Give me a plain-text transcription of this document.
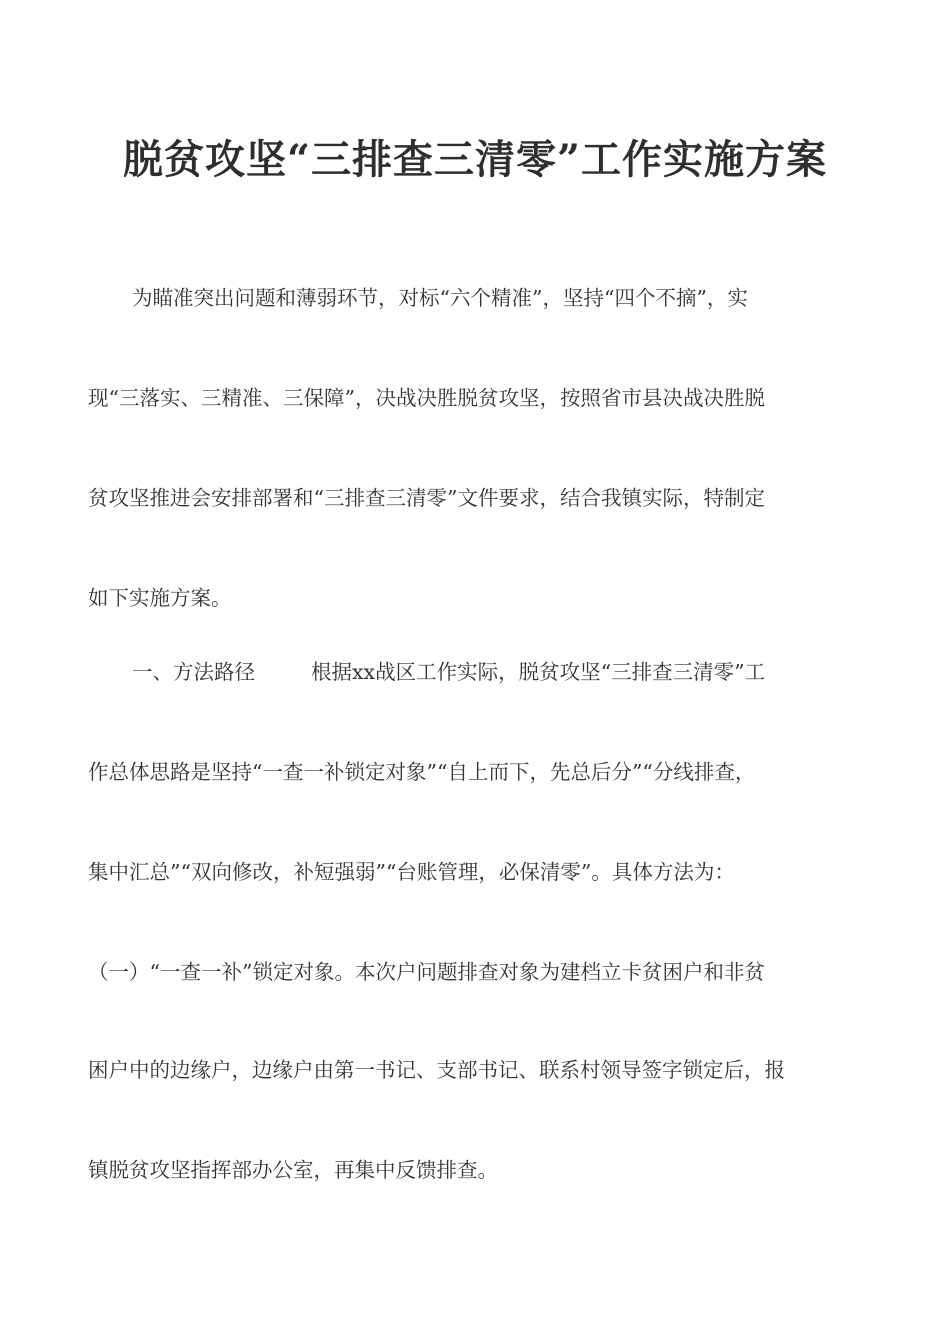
脱贫攻坚“三排查三清零”工作实施方案
为瞄准突出问题和薄弱环节，对标“六个精准”，坚持“四个不摘”，实
现“三落实、三精准、三保障”，决战决胜脱贫攻坚，按照省市县决战决胜脱
贫攻坚推进会安排部署和“三排查三清零”文件要求，结合我镇实际，特制定
如下实施方案。
一、方法路径	根据xx战区工作实际，脱贫攻坚“三排查三清零”工
作总体思路是坚持“一查一补锁定对象”“自上而下，先总后分”“分线排查，
集中汇总”“双向修改，补短强弱”“台账管理，必保清零”。具体方法为：
（一）“一查一补”锁定对象。本次户问题排查对象为建档立卡贫困户和非贫
困户中的边缘户，边缘户由第一书记、支部书记、联系村领导签字锁定后，报
镇脱贫攻坚指挥部办公室，再集中反馈排查。
